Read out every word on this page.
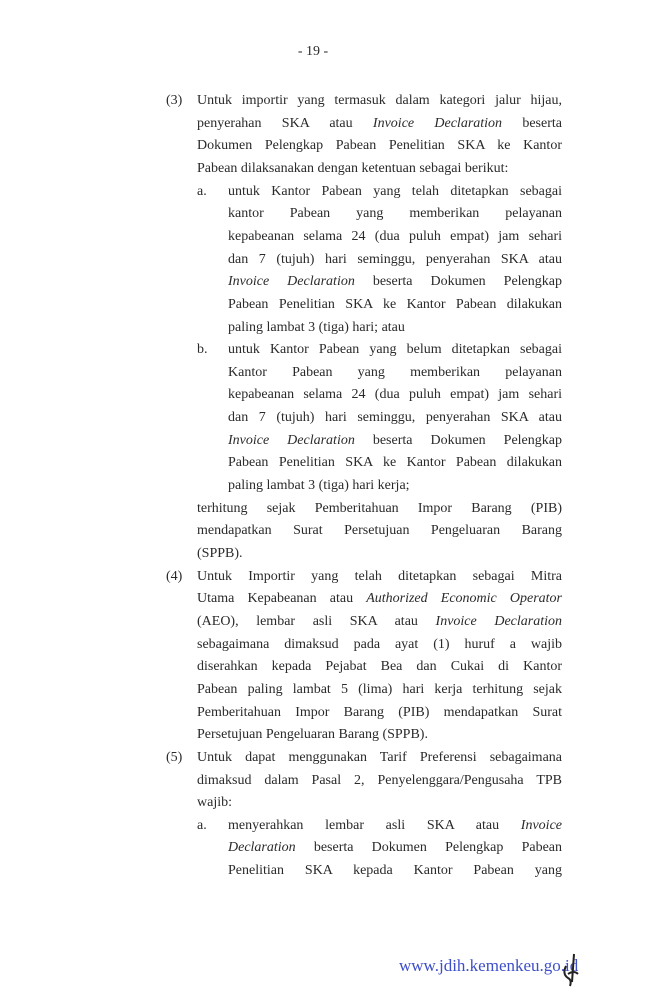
- 19 -
(3) Untuk importir yang termasuk dalam kategori jalur hijau,
penyerahan SKA atau Invoice Declaration beserta
Dokumen Pelengkap Pabean Penelitian SKA ke Kantor
Pabean dilaksanakan dengan ketentuan sebagai berikut:
a. untuk Kantor Pabean yang telah ditetapkan sebagai
kantor Pabean yang memberikan pelayanan
kepabeanan selama 24 (dua puluh empat) jam sehari
dan 7 (tujuh) hari seminggu, penyerahan SKA atau
Invoice Declaration beserta Dokumen Pelengkap
Pabean Penelitian SKA ke Kantor Pabean dilakukan
paling lambat 3 (tiga) hari; atau
b. untuk Kantor Pabean yang belum ditetapkan sebagai
Kantor Pabean yang memberikan pelayanan
kepabeanan selama 24 (dua puluh empat) jam sehari
dan 7 (tujuh) hari seminggu, penyerahan SKA atau
Invoice Declaration beserta Dokumen Pelengkap
Pabean Penelitian SKA ke Kantor Pabean dilakukan
paling lambat 3 (tiga) hari kerja;
terhitung sejak Pemberitahuan Impor Barang (PIB)
mendapatkan Surat Persetujuan Pengeluaran Barang
(SPPB).
(4) Untuk Importir yang telah ditetapkan sebagai Mitra
Utama Kepabeanan atau Authorized Economic Operator
(AEO), lembar asli SKA atau Invoice Declaration
sebagaimana dimaksud pada ayat (1) huruf a wajib
diserahkan kepada Pejabat Bea dan Cukai di Kantor
Pabean paling lambat 5 (lima) hari kerja terhitung sejak
Pemberitahuan Impor Barang (PIB) mendapatkan Surat
Persetujuan Pengeluaran Barang (SPPB).
(5) Untuk dapat menggunakan Tarif Preferensi sebagaimana
dimaksud dalam Pasal 2, Penyelenggara/Pengusaha TPB
wajib:
a. menyerahkan lembar asli SKA atau Invoice
Declaration beserta Dokumen Pelengkap Pabean
Penelitian SKA kepada Kantor Pabean yang
www.jdih.kemenkeu.go.id
